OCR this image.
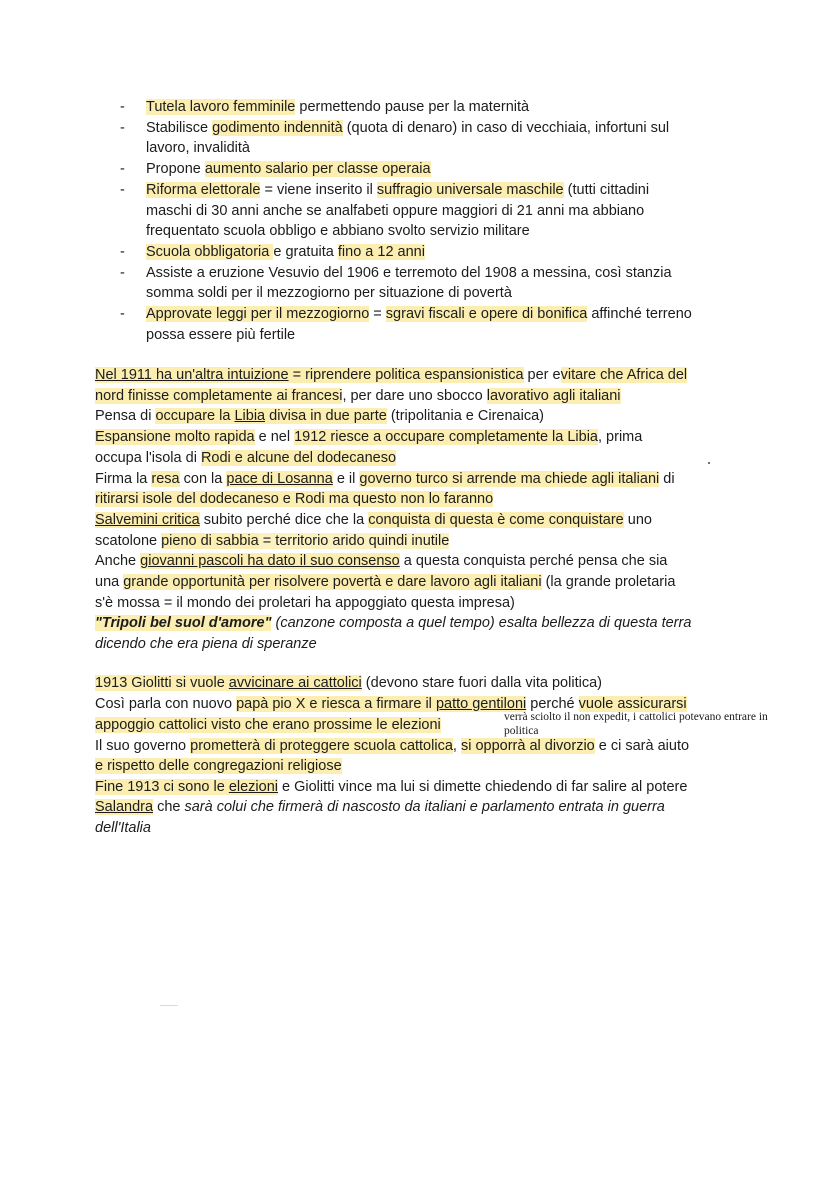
- Tutela lavoro femminile permettendo pause per la maternità
- Stabilisce godimento indennità (quota di denaro) in caso di vecchiaia, infortuni sul
lavoro, invalidità
- Propone aumento salario per classe operaia
- Riforma elettorale = viene inserito il suffragio universale maschile (tutti cittadini
maschi di 30 anni anche se analfabeti oppure maggiori di 21 anni ma abbiano
frequentato scuola obbligo e abbiano svolto servizio militare
- Scuola obbligatoria e gratuita fino a 12 anni
- Assiste a eruzione Vesuvio del 1906 e terremoto del 1908 a messina, così stanzia
somma soldi per il mezzogiorno per situazione di povertà
- Approvate leggi per il mezzogiorno = sgravi fiscali e opere di bonifica affinché terreno
possa essere più fertile
Nel 1911 ha un'altra intuizione = riprendere politica espansionistica per evitare che Africa del
nord finisse completamente ai francesi, per dare uno sbocco lavorativo agli italiani
Pensa di occupare la Libia divisa in due parte (tripolitania e Cirenaica)
Espansione molto rapida e nel 1912 riesce a occupare completamente la Libia, prima
occupa l'isola di Rodi e alcune del dodecaneso
Firma la resa con la pace di Losanna e il governo turco si arrende ma chiede agli italiani di
ritirarsi isole del dodecaneso e Rodi ma questo non lo faranno
Salvemini critica subito perché dice che la conquista di questa è come conquistare uno
scatolone pieno di sabbia = territorio arido quindi inutile
Anche giovanni pascoli ha dato il suo consenso a questa conquista perché pensa che sia
una grande opportunità per risolvere povertà e dare lavoro agli italiani (la grande proletaria
s'è mossa = il mondo dei proletari ha appoggiato questa impresa)
"Tripoli bel suol d'amore" (canzone composta a quel tempo) esalta bellezza di questa terra
dicendo che era piena di speranze
1913 Giolitti si vuole avvicinare ai cattolici (devono stare fuori dalla vita politica)
Così parla con nuovo papà pio X e riesca a firmare il patto gentiloni perché vuole assicurarsi
appoggio cattolici visto che erano prossime le elezioni
Il suo governo prometterà di proteggere scuola cattolica, si opporrà al divorzio e ci sarà aiuto
e rispetto delle congregazioni religiose
Fine 1913 ci sono le elezioni e Giolitti vince ma lui si dimette chiedendo di far salire al potere
Salandra che sarà colui che firmerà di nascosto da italiani e parlamento entrata in guerra
dell'Italia
verrà sciolto il non expedit, i cattolici potevano entrare in
politica
